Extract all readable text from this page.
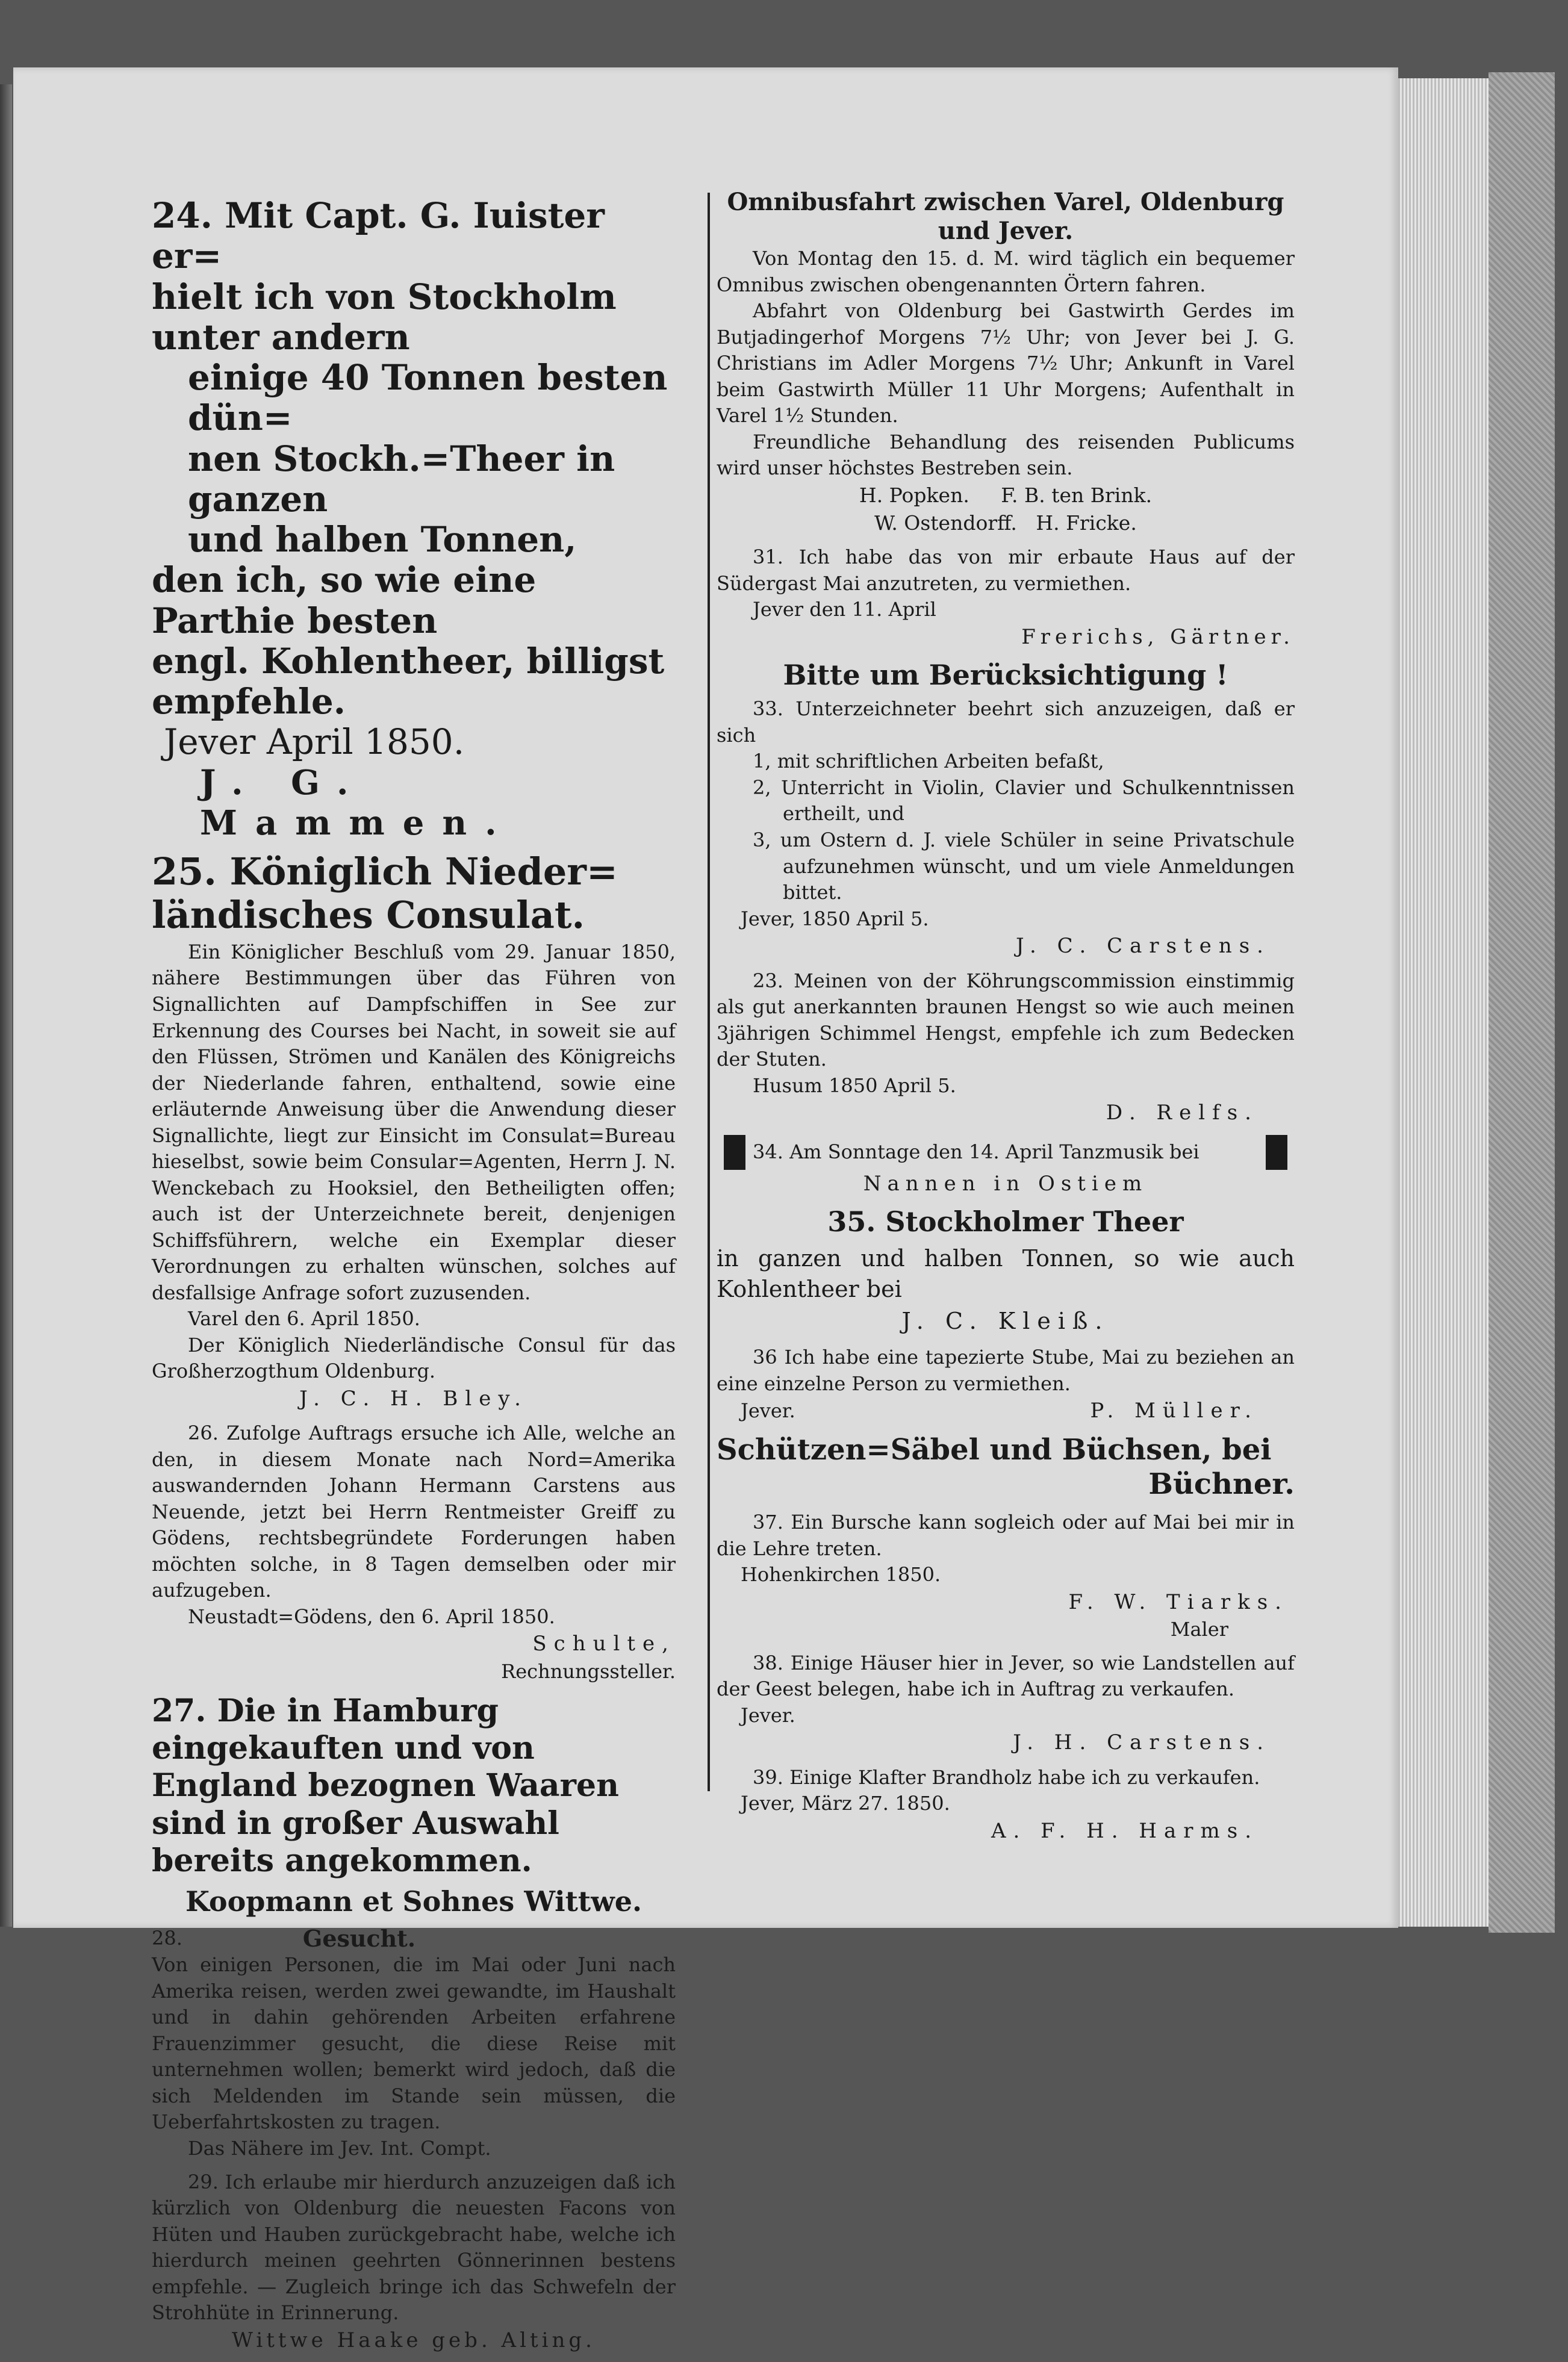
24. Mit Capt. G. Iuister er=
hielt ich von Stockholm unter andern
einige 40 Tonnen besten dün=
nen Stockh.=Theer in ganzen
und halben Tonnen,
den ich, so wie eine Parthie besten
engl. Kohlentheer, billigst empfehle.
Jever April 1850.
J. G. Mammen.
25. Königlich Nieder=
ländisches Consulat.

Ein Königlicher Beschluß vom 29. Januar 1850, nähere Bestimmungen über das Führen von Signallichten auf Dampfschiffen in See zur Erkennung des Courses bei Nacht, in soweit sie auf den Flüssen, Strömen und Kanälen des Königreichs der Niederlande fahren, enthaltend, sowie eine erläuternde Anweisung über die Anwendung dieser Signallichte, liegt zur Einsicht im Consulat=Bureau hieselbst, sowie beim Consular=Agenten, Herrn J. N. Wenckebach zu Hooksiel, den Betheiligten offen; auch ist der Unterzeichnete bereit, denjenigen Schiffsführern, welche ein Exemplar dieser Verordnungen zu erhalten wünschen, solches auf desfallsige Anfrage sofort zuzusenden.

Varel den 6. April 1850.

Der Königlich Niederländische Consul für das Großherzogthum Oldenburg.

J. C. H. Bley.

26. Zufolge Auftrags ersuche ich Alle, welche an den, in diesem Monate nach Nord=Amerika auswandernden Johann Hermann Carstens aus Neuende, jetzt bei Herrn Rentmeister Greiff zu Gödens, rechtsbegründete Forderungen haben möchten solche, in 8 Tagen demselben oder mir aufzugeben.

Neustadt=Gödens, den 6. April 1850.

Schulte,
Rechnungssteller.
27. Die in Hamburg eingekauften und von England bezognen Waaren sind in großer Auswahl bereits angekommen.
Koopmann et Sohnes Wittwe.
28.	Gesucht.

Von einigen Personen, die im Mai oder Juni nach Amerika reisen, werden zwei gewandte, im Haushalt und in dahin gehörenden Arbeiten erfahrene Frauenzimmer gesucht, die diese Reise mit unternehmen wollen; bemerkt wird jedoch, daß die sich Meldenden im Stande sein müssen, die Ueberfahrtskosten zu tragen.

Das Nähere im Jev. Int. Compt.

29. Ich erlaube mir hierdurch anzuzeigen daß ich kürzlich von Oldenburg die neuesten Facons von Hüten und Hauben zurückgebracht habe, welche ich hierdurch meinen geehrten Gönnerinnen bestens empfehle. — Zugleich bringe ich das Schwefeln der Strohhüte in Erinnerung.

Wittwe Haake geb. Alting.
Omnibusfahrt zwischen Varel, Oldenburg und Jever.

Von Montag den 15. d. M. wird täglich ein bequemer Omnibus zwischen obengenannten Örtern fahren.

Abfahrt von Oldenburg bei Gastwirth Gerdes im Butjadingerhof Morgens 7½ Uhr; von Jever bei J. G. Christians im Adler Morgens 7½ Uhr; Ankunft in Varel beim Gastwirth Müller 11 Uhr Morgens; Aufenthalt in Varel 1½ Stunden.

Freundliche Behandlung des reisenden Publicums wird unser höchstes Bestreben sein.

H. Popken.     F. B. ten Brink.
W. Ostendorff.   H. Fricke.

31. Ich habe das von mir erbaute Haus auf der Südergast Mai anzutreten, zu vermiethen.

Jever den 11. April

Frerichs, Gärtner.
Bitte um Berücksichtigung !

33. Unterzeichneter beehrt sich anzuzeigen, daß er sich

1, mit schriftlichen Arbeiten befaßt,

2, Unterricht in Violin, Clavier und Schulkenntnissen ertheilt, und

3, um Ostern d. J. viele Schüler in seine Privatschule aufzunehmen wünscht, und um viele Anmeldungen bittet.

Jever, 1850 April 5.

J. C. Carstens.

23. Meinen von der Köhrungscommission einstimmig als gut anerkannten braunen Hengst so wie auch meinen 3jährigen Schimmel Hengst, empfehle ich zum Bedecken der Stuten.

Husum 1850 April 5.

D. Relfs.
34. Am Sonntage den 14. April Tanzmusik bei
Nannen in Ostiem
35. Stockholmer Theer

in ganzen und halben Tonnen, so wie auch Kohlentheer bei

J. C. Kleiß.

36 Ich habe eine tapezierte Stube, Mai zu beziehen an eine einzelne Person zu vermiethen.

Jever.	P. Müller.
Schützen=Säbel und Büchsen, bei
Büchner.

37. Ein Bursche kann sogleich oder auf Mai bei mir in die Lehre treten.

Hohenkirchen 1850.

F. W. Tiarks.
Maler

38. Einige Häuser hier in Jever, so wie Landstellen auf der Geest belegen, habe ich in Auftrag zu verkaufen.

Jever.

J. H. Carstens.

39. Einige Klafter Brandholz habe ich zu verkaufen.

Jever, März 27. 1850.

A. F. H. Harms.
